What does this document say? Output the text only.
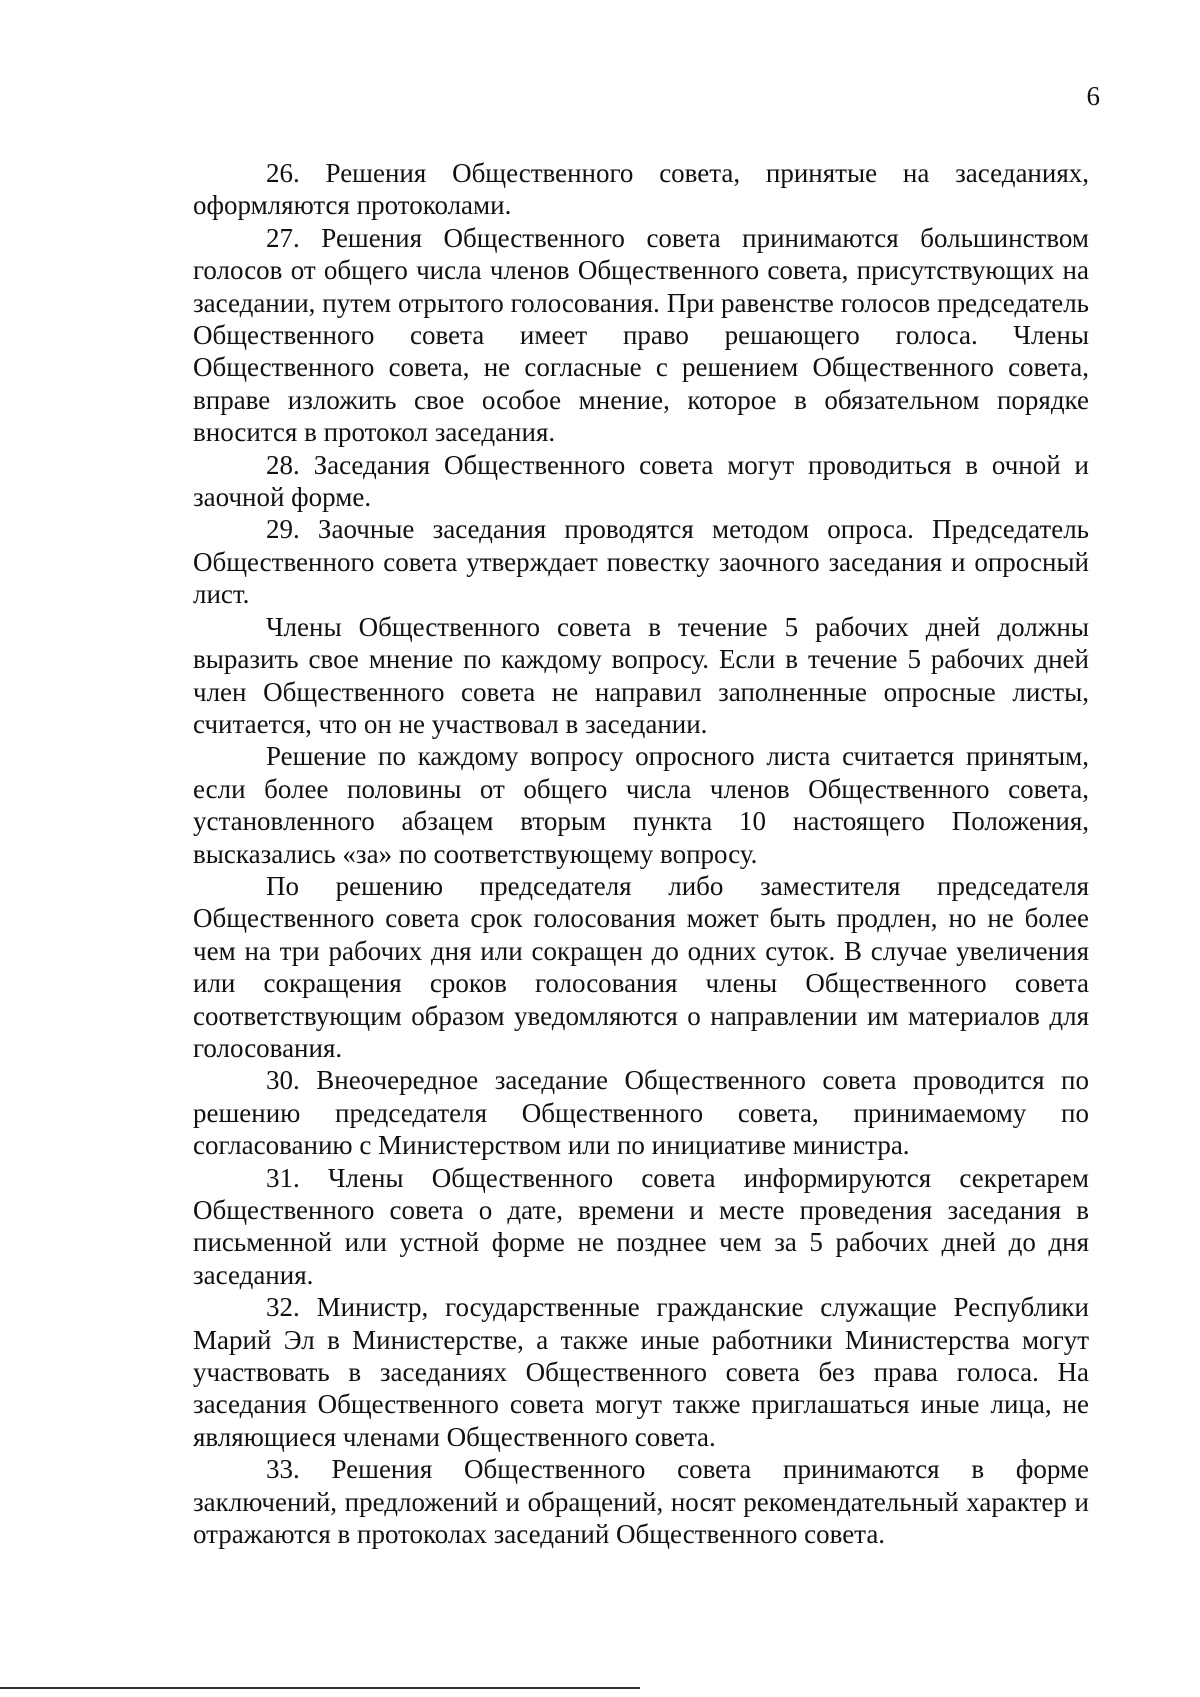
6

26. Решения Общественного совета, принятые на заседаниях, оформляются протоколами.

27. Решения Общественного совета принимаются большинством голосов от общего числа членов Общественного совета, присутствующих на заседании, путем отрытого голосования. При равенстве голосов председатель Общественного совета имеет право решающего голоса. Члены Общественного совета, не согласные с решением Общественного совета, вправе изложить свое особое мнение, которое в обязательном порядке вносится в протокол заседания.

28. Заседания Общественного совета могут проводиться в очной и заочной форме.

29. Заочные заседания проводятся методом опроса. Председатель Общественного совета утверждает повестку заочного заседания и опросный лист.

Члены Общественного совета в течение 5 рабочих дней должны выразить свое мнение по каждому вопросу. Если в течение 5 рабочих дней член Общественного совета не направил заполненные опросные листы, считается, что он не участвовал в заседании.

Решение по каждому вопросу опросного листа считается принятым, если более половины от общего числа членов Общественного совета, установленного абзацем вторым пункта 10 настоящего Положения, высказались «за» по соответствующему вопросу.

По решению председателя либо заместителя председателя Общественного совета срок голосования может быть продлен, но не более чем на три рабочих дня или сокращен до одних суток. В случае увеличения или сокращения сроков голосования члены Общественного совета соответствующим образом уведомляются о направлении им материалов для голосования.

30. Внеочередное заседание Общественного совета проводится по решению председателя Общественного совета, принимаемому по согласованию с Министерством или по инициативе министра.

31. Члены Общественного совета информируются секретарем Общественного совета о дате, времени и месте проведения заседания в письменной или устной форме не позднее чем за 5 рабочих дней до дня заседания.

32. Министр, государственные гражданские служащие Республики Марий Эл в Министерстве, а также иные работники Министерства могут участвовать в заседаниях Общественного совета без права голоса. На заседания Общественного совета могут также приглашаться иные лица, не являющиеся членами Общественного совета.

33. Решения Общественного совета принимаются в форме заключений, предложений и обращений, носят рекомендательный характер и отражаются в протоколах заседаний Общественного совета.
